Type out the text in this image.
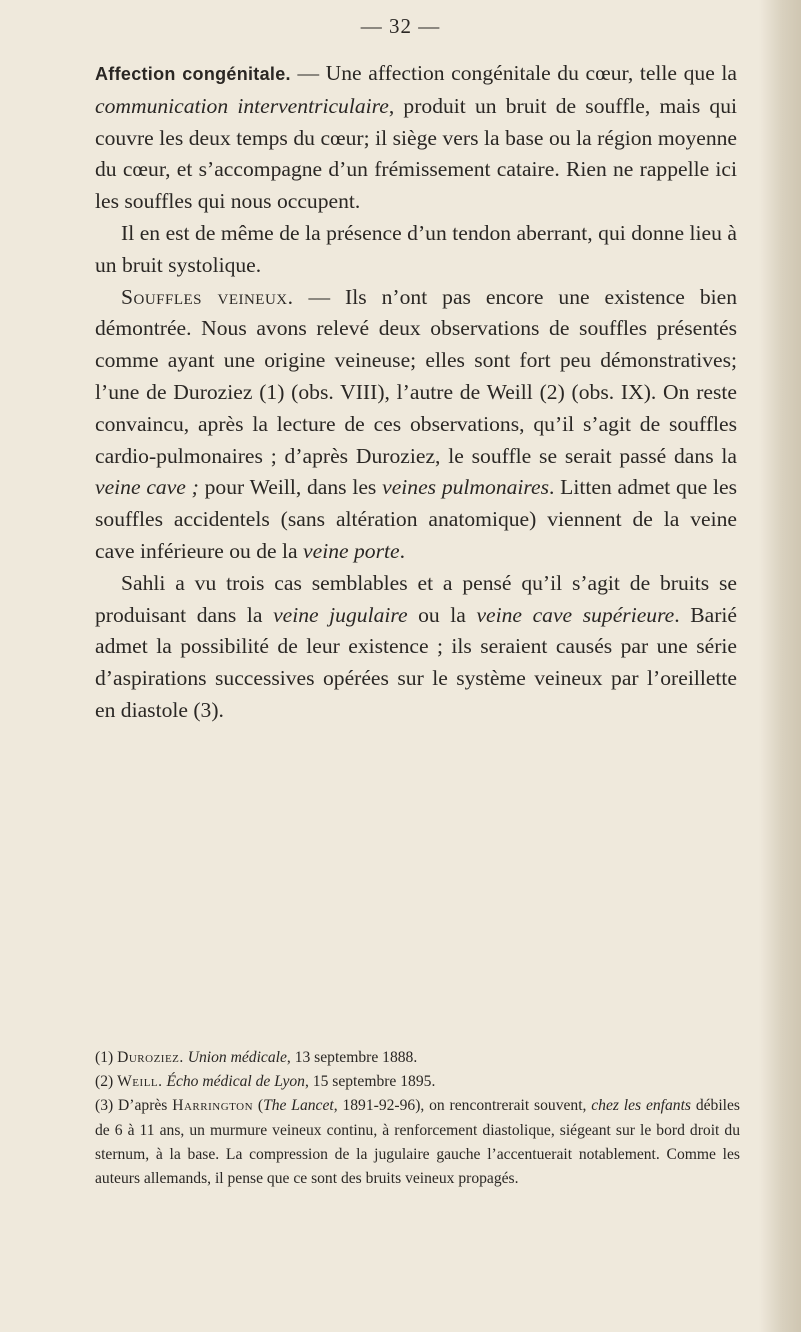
— 32 —

Affection congénitale. — Une affection congénitale du cœur, telle que la communication interventriculaire, produit un bruit de souffle, mais qui couvre les deux temps du cœur; il siège vers la base ou la région moyenne du cœur, et s’accompagne d’un frémissement cataire. Rien ne rappelle ici les souffles qui nous occupent.

Il en est de même de la présence d’un tendon aberrant, qui donne lieu à un bruit systolique.

Souffles veineux. — Ils n’ont pas encore une existence bien démontrée. Nous avons relevé deux observations de souffles présentés comme ayant une origine veineuse; elles sont fort peu démonstratives; l’une de Duroziez (1) (obs. VIII), l’autre de Weill (2) (obs. IX). On reste convaincu, après la lecture de ces observations, qu’il s’agit de souffles cardio-pulmonaires ; d’après Duroziez, le souffle se serait passé dans la veine cave ; pour Weill, dans les veines pulmonaires. Litten admet que les souffles accidentels (sans altération anatomique) viennent de la veine cave inférieure ou de la veine porte.

Sahli a vu trois cas semblables et a pensé qu’il s’agit de bruits se produisant dans la veine jugulaire ou la veine cave supérieure. Barié admet la possibilité de leur existence ; ils seraient causés par une série d’aspirations successives opérées sur le système veineux par l’oreillette en diastole (3).

(1) Duroziez. Union médicale, 13 septembre 1888.

(2) Weill. Écho médical de Lyon, 15 septembre 1895.

(3) D’après Harrington (The Lancet, 1891-92-96), on rencontrerait souvent, chez les enfants débiles de 6 à 11 ans, un murmure veineux continu, à renforcement diastolique, siégeant sur le bord droit du sternum, à la base. La compression de la jugulaire gauche l’accentuerait notablement. Comme les auteurs allemands, il pense que ce sont des bruits veineux propagés.
